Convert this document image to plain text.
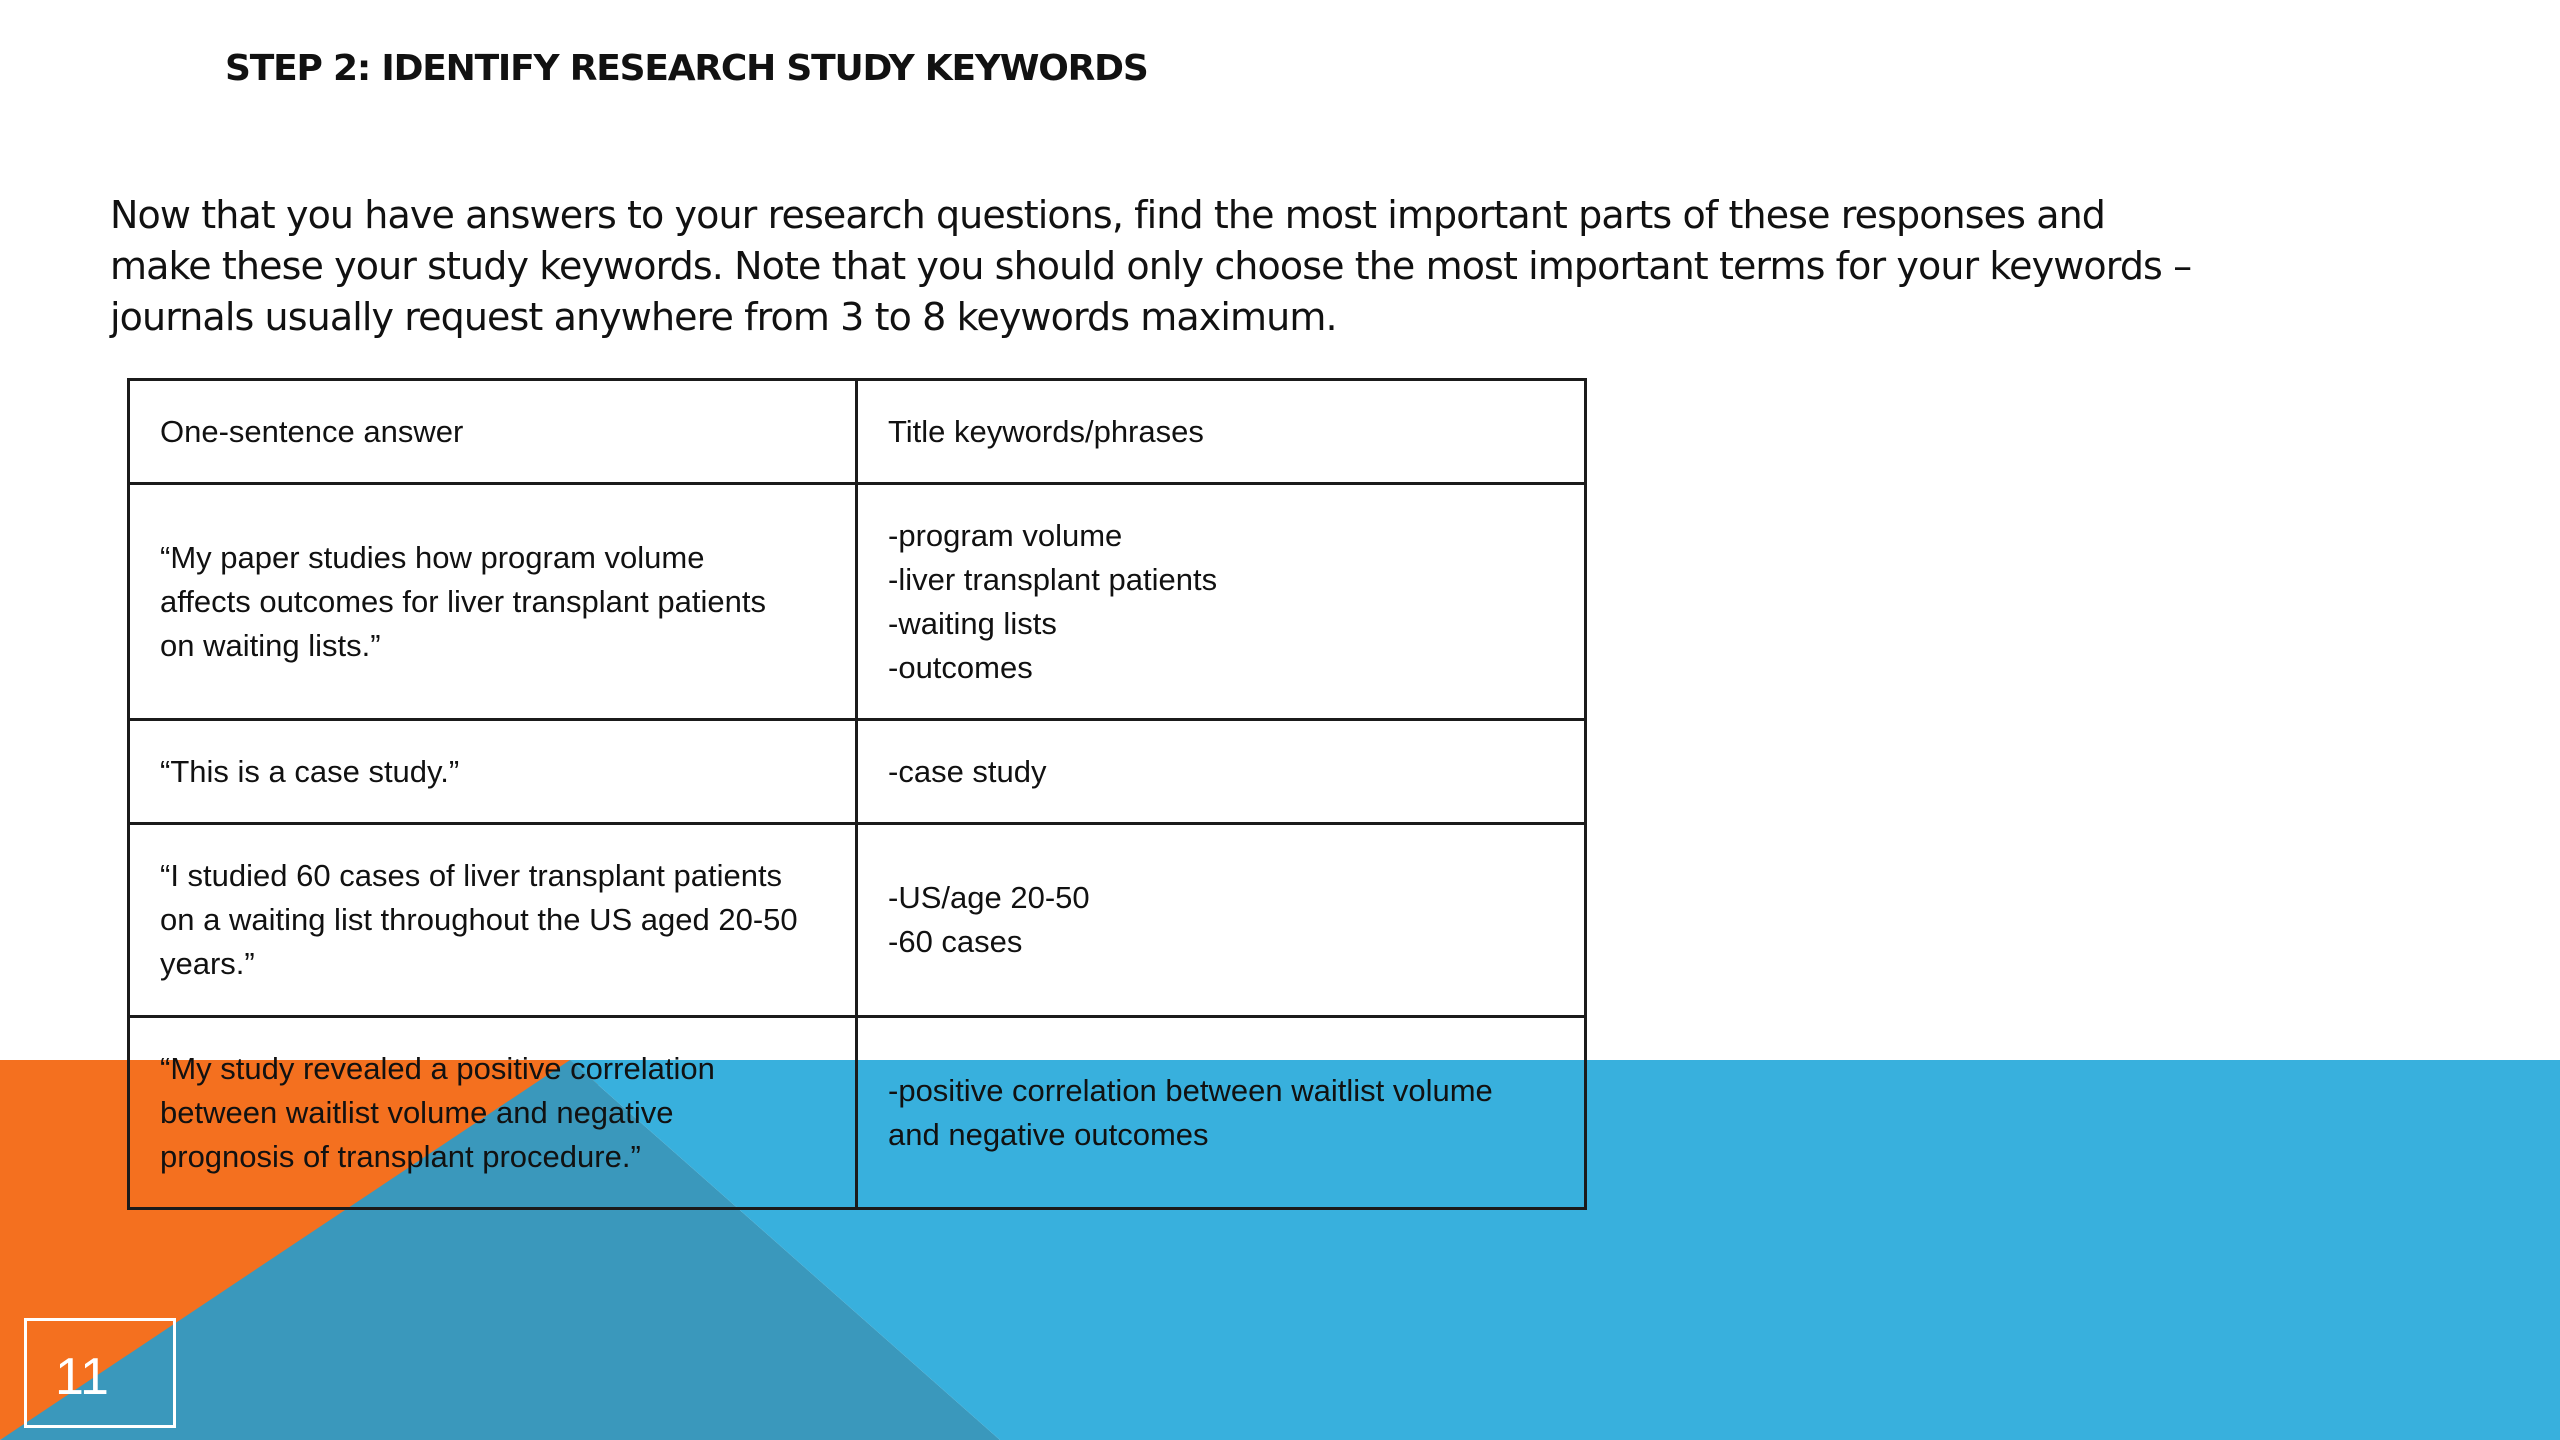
STEP 2: IDENTIFY RESEARCH STUDY KEYWORDS

Now that you have answers to your research questions, find the most important parts of these responses and
make these your study keywords. Note that you should only choose the most important terms for your keywords –
journals usually request anywhere from 3 to 8 keywords maximum.

One-sentence answer	Title keywords/phrases

“My paper studies how program volume
affects outcomes for liver transplant patients
on waiting lists.”	-program volume
-liver transplant patients
-waiting lists
-outcomes

“This is a case study.”	-case study

“I studied 60 cases of liver transplant patients
on a waiting list throughout the US aged 20-50
years.”	-US/age 20-50
-60 cases

“My study revealed a positive correlation
between waitlist volume and negative
prognosis of transplant procedure.”	-positive correlation between waitlist volume
and negative outcomes
11
